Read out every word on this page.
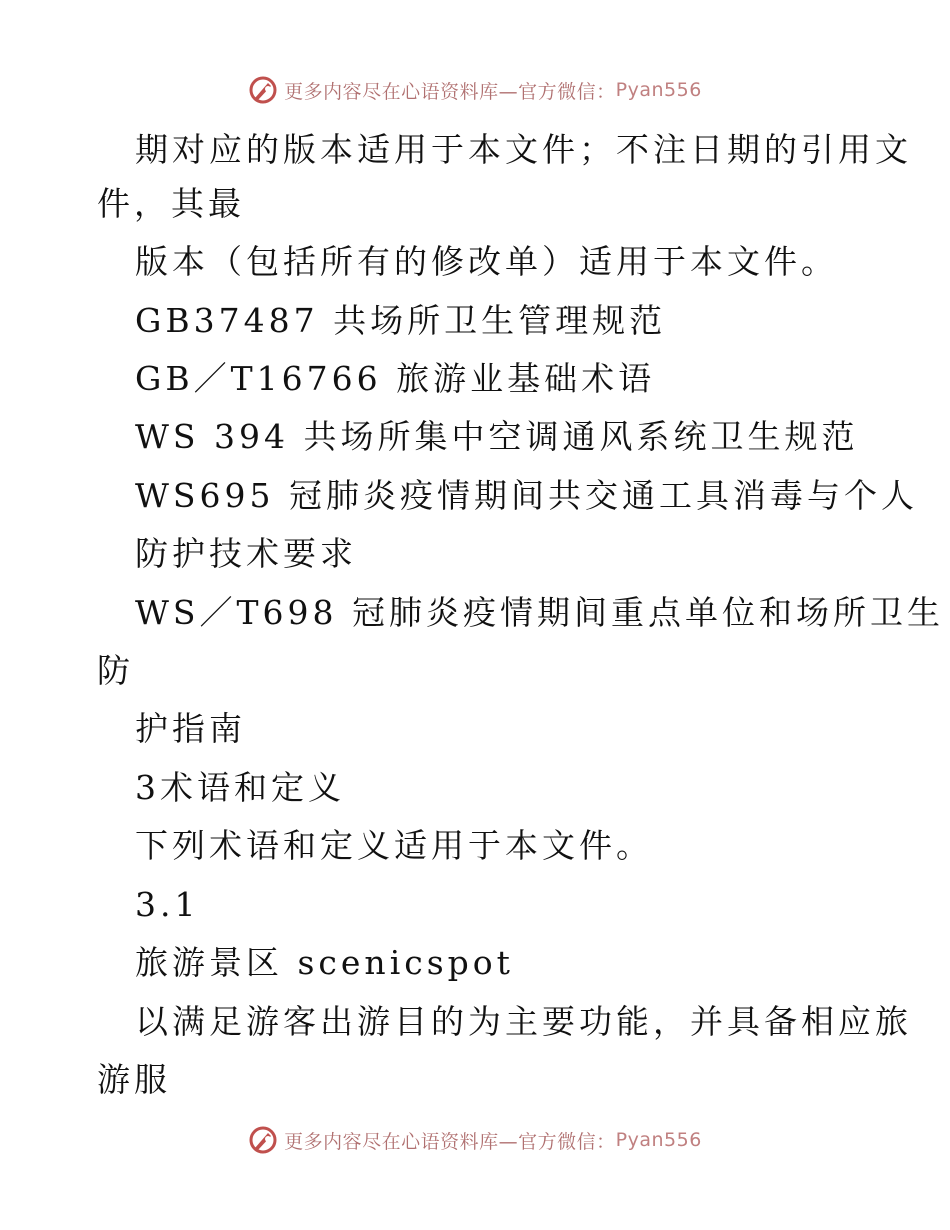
更多内容尽在心语资料库—官方微信： Pyan556
期对应的版本适用于本文件；不注日期的引用文
件，其最
版本（包括所有的修改单）适用于本文件。
GB37487 共场所卫生管理规范
GB／T16766 旅游业基础术语
WS 394 共场所集中空调通风系统卫生规范
WS695 冠肺炎疫情期间共交通工具消毒与个人
防护技术要求
WS／T698 冠肺炎疫情期间重点单位和场所卫生
防
护指南
3术语和定义
下列术语和定义适用于本文件。
3.1
旅游景区 scenicspot
以满足游客出游目的为主要功能，并具备相应旅
游服
更多内容尽在心语资料库—官方微信： Pyan556
